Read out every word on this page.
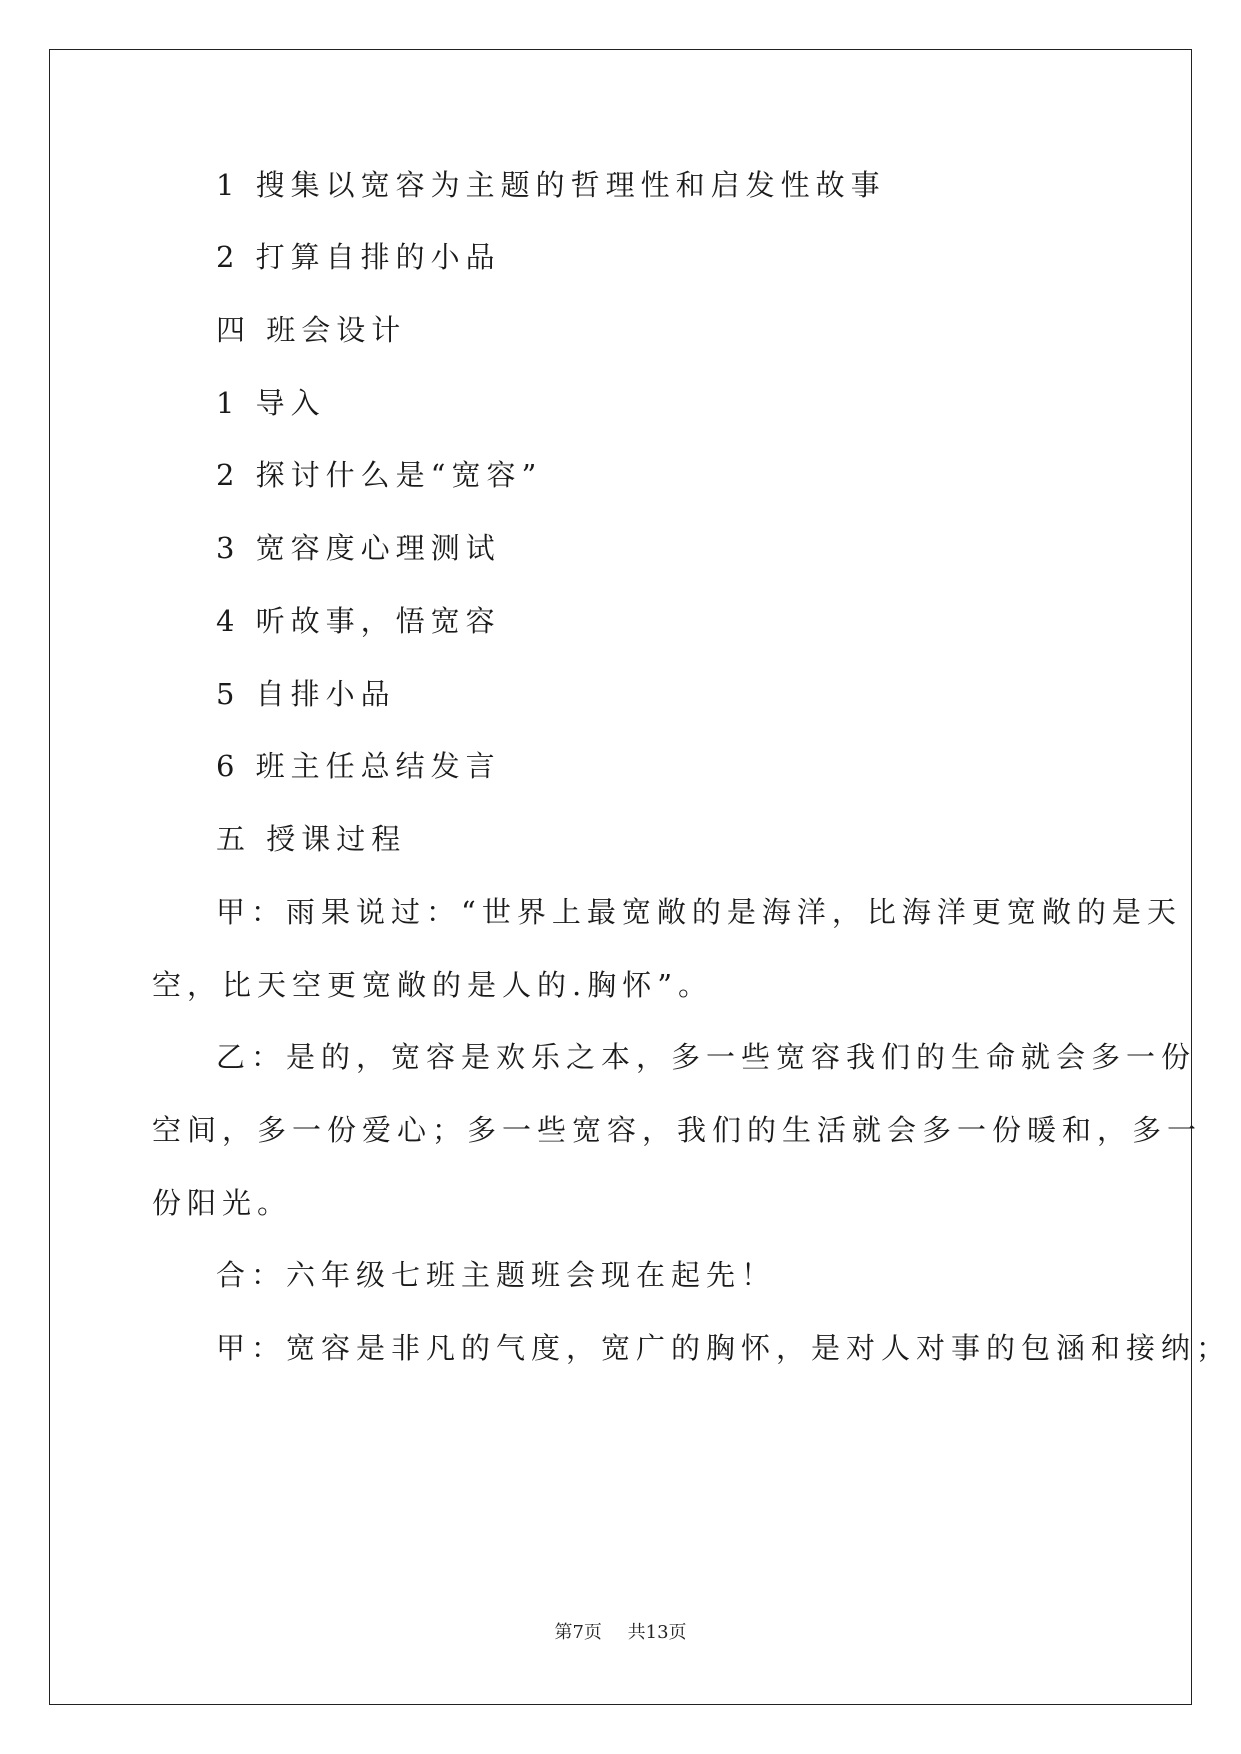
1 搜集以宽容为主题的哲理性和启发性故事
2 打算自排的小品
四 班会设计
1 导入
2 探讨什么是“宽容”
3 宽容度心理测试
4 听故事，悟宽容
5 自排小品
6 班主任总结发言
五 授课过程
甲：雨果说过：“世界上最宽敞的是海洋，比海洋更宽敞的是天
空，比天空更宽敞的是人的.胸怀”。
乙：是的，宽容是欢乐之本，多一些宽容我们的生命就会多一份
空间，多一份爱心；多一些宽容，我们的生活就会多一份暖和，多一
份阳光。
合：六年级七班主题班会现在起先！
甲：宽容是非凡的气度，宽广的胸怀，是对人对事的包涵和接纳；
第7页 共13页
